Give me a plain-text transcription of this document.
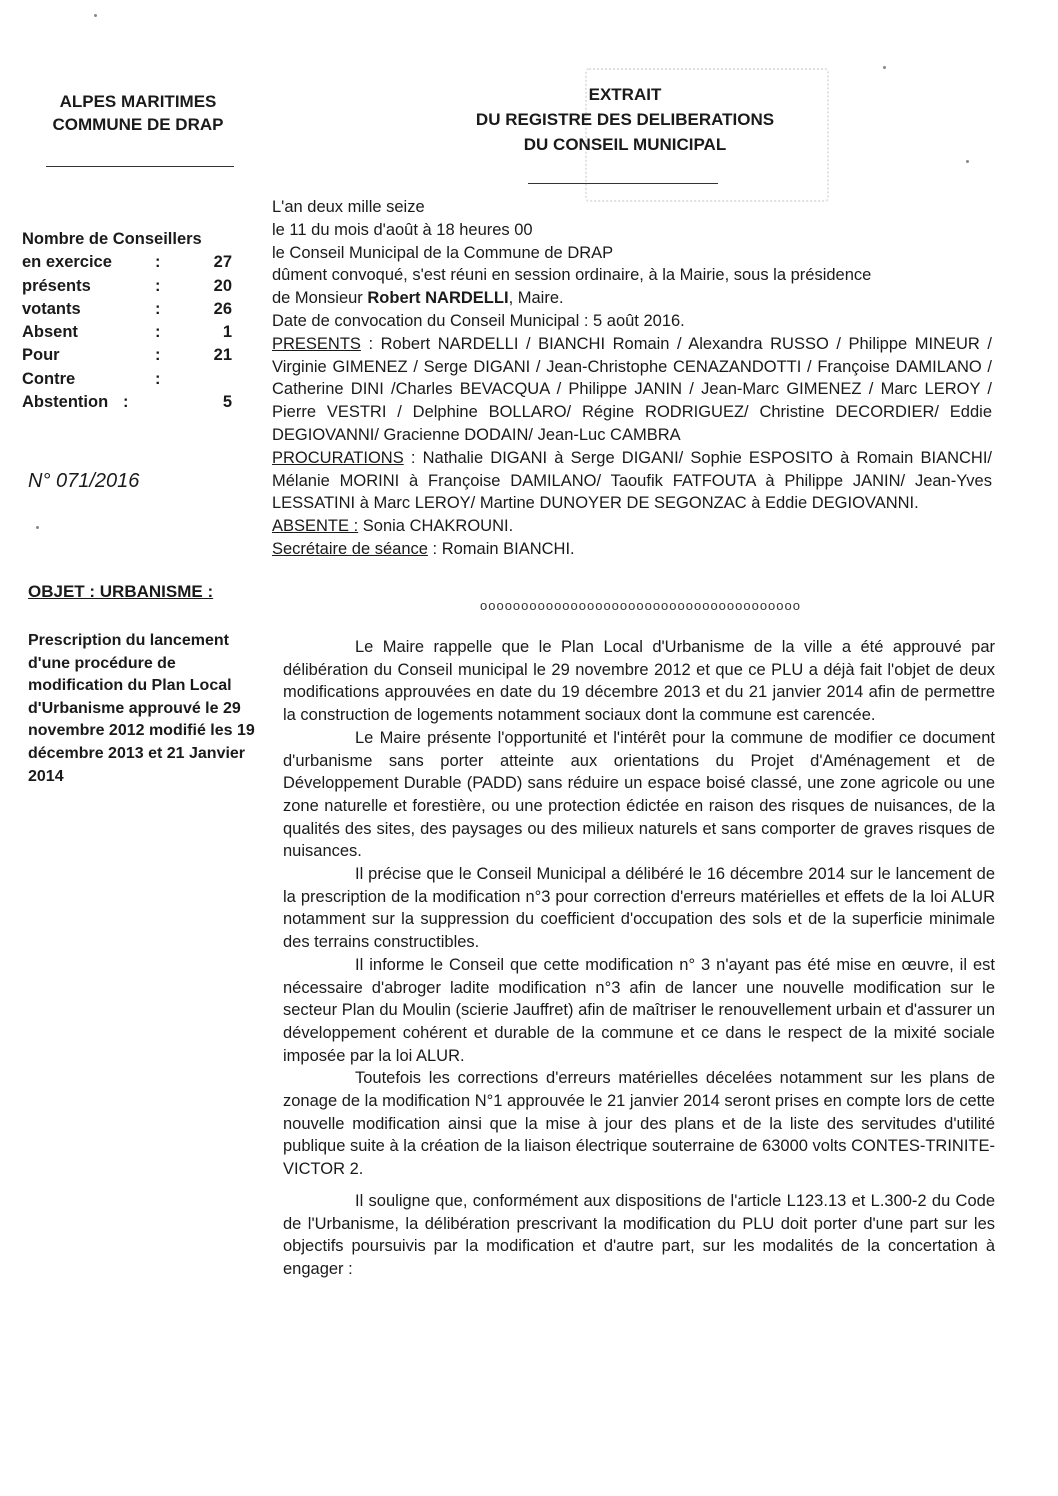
ALPES MARITIMES
COMMUNE DE DRAP
EXTRAIT
DU REGISTRE DES DELIBERATIONS
DU CONSEIL MUNICIPAL
Nombre de Conseillers
en exercice	:	27
présents	:	20
votants	:	26
Absent	:	1
Pour	:	21
Contre	:
Abstention :	5
N° 071/2016
OBJET : URBANISME :
Prescription du lancement d'une procédure de modification du Plan Local d'Urbanisme approuvé le 29 novembre 2012 modifié les 19 décembre 2013 et 21 Janvier 2014
L'an deux mille seize
le 11 du mois d'août à 18 heures 00
le Conseil Municipal de la Commune de DRAP
dûment convoqué, s'est réuni en session ordinaire, à la Mairie, sous la présidence
de Monsieur Robert NARDELLI, Maire.
Date de convocation du Conseil Municipal : 5 août 2016.
PRESENTS : Robert NARDELLI / BIANCHI Romain / Alexandra RUSSO / Philippe MINEUR / Virginie GIMENEZ / Serge DIGANI / Jean-Christophe CENAZANDOTTI / Françoise DAMILANO / Catherine DINI /Charles BEVACQUA / Philippe JANIN / Jean-Marc GIMENEZ / Marc LEROY / Pierre VESTRI / Delphine BOLLARO/ Régine RODRIGUEZ/ Christine DECORDIER/ Eddie DEGIOVANNI/ Gracienne DODAIN/ Jean-Luc CAMBRA
PROCURATIONS : Nathalie DIGANI à Serge DIGANI/ Sophie ESPOSITO à Romain BIANCHI/ Mélanie MORINI à Françoise DAMILANO/ Taoufik FATFOUTA à Philippe JANIN/ Jean-Yves LESSATINI à Marc LEROY/ Martine DUNOYER DE SEGONZAC à Eddie DEGIOVANNI.
ABSENTE : Sonia CHAKROUNI.
Secrétaire de séance : Romain BIANCHI.
ooooooooooooooooooooooooooooooooooooooo

Le Maire rappelle que le Plan Local d'Urbanisme de la ville a été approuvé par délibération du Conseil municipal le 29 novembre 2012 et que ce PLU a déjà fait l'objet de deux modifications approuvées en date du 19 décembre 2013 et du 21 janvier 2014 afin de permettre la construction de logements notamment sociaux dont la commune est carencée.

Le Maire présente l'opportunité et l'intérêt pour la commune de modifier ce document d'urbanisme sans porter atteinte aux orientations du Projet d'Aménagement et de Développement Durable (PADD) sans réduire un espace boisé classé, une zone agricole ou une zone naturelle et forestière, ou une protection édictée en raison des risques de nuisances, de la qualités des sites, des paysages ou des milieux naturels et sans comporter de graves risques de nuisances.

Il précise que le Conseil Municipal a délibéré le 16 décembre 2014 sur le lancement de la prescription de la modification n°3 pour correction d'erreurs matérielles et effets de la loi ALUR notamment sur la suppression du coefficient d'occupation des sols et de la superficie minimale des terrains constructibles.

Il informe le Conseil que cette modification n° 3 n'ayant pas été mise en œuvre, il est nécessaire d'abroger ladite modification n°3 afin de lancer une nouvelle modification sur le secteur Plan du Moulin (scierie Jauffret) afin de maîtriser le renouvellement urbain et d'assurer un développement cohérent et durable de la commune et ce dans le respect de la mixité sociale imposée par la loi ALUR.

Toutefois les corrections d'erreurs matérielles décelées notamment sur les plans de zonage de la modification N°1 approuvée le 21 janvier 2014 seront prises en compte lors de cette nouvelle modification ainsi que la mise à jour des plans et de la liste des servitudes d'utilité publique suite à la création de la liaison électrique souterraine de 63000 volts CONTES-TRINITE-VICTOR 2.

Il souligne que, conformément aux dispositions de l'article L123.13 et L.300-2 du Code de l'Urbanisme, la délibération prescrivant la modification du PLU doit porter d'une part sur les objectifs poursuivis par la modification et d'autre part, sur les modalités de la concertation à engager :
